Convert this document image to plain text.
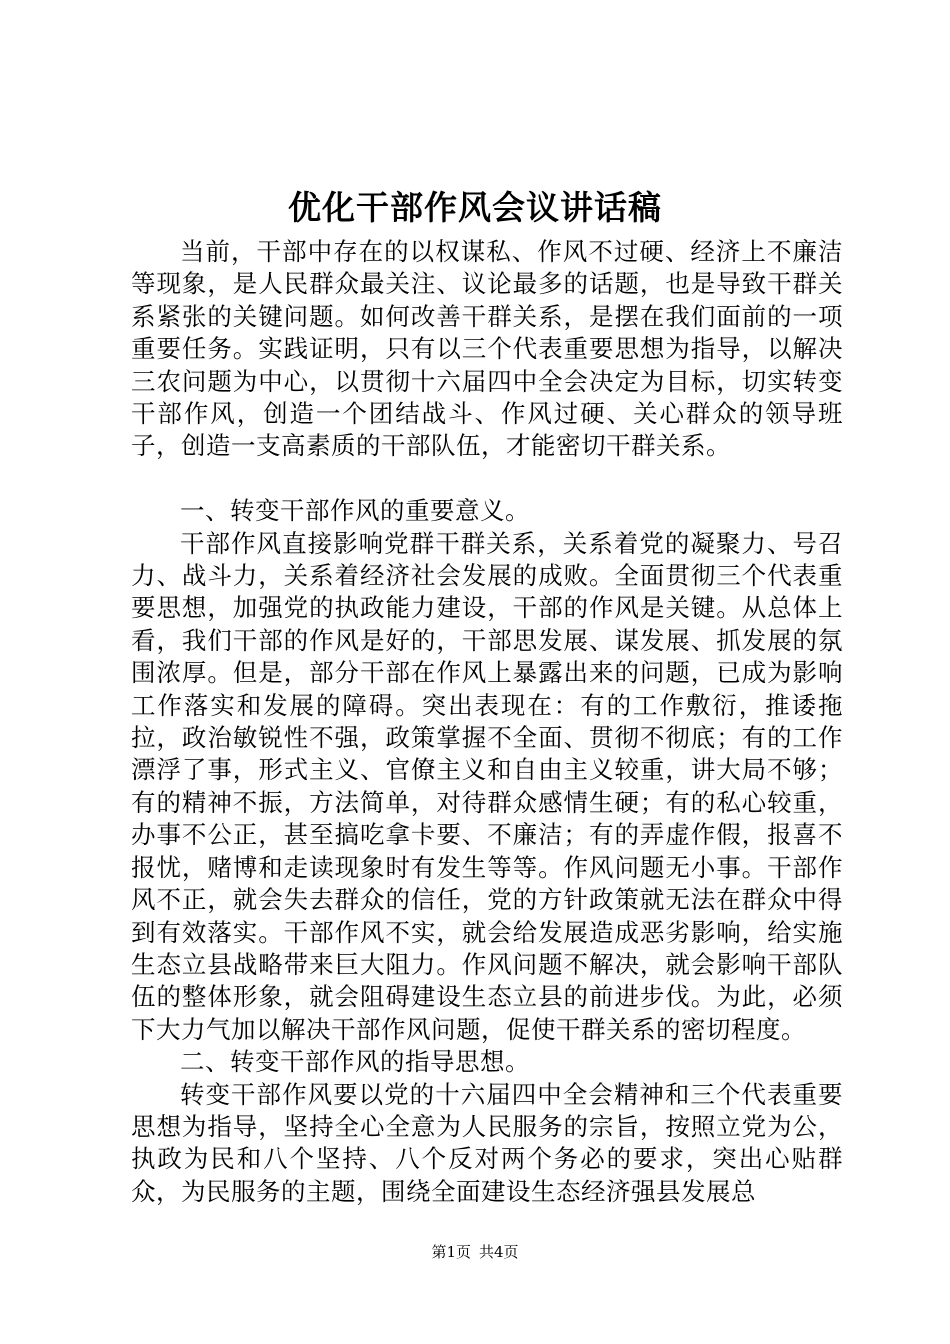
优化干部作风会议讲话稿

当前，干部中存在的以权谋私、作风不过硬、经济上不廉洁等现象，是人民群众最关注、议论最多的话题，也是导致干群关系紧张的关键问题。如何改善干群关系，是摆在我们面前的一项重要任务。实践证明，只有以三个代表重要思想为指导，以解决三农问题为中心，以贯彻十六届四中全会决定为目标，切实转变干部作风，创造一个团结战斗、作风过硬、关心群众的领导班子，创造一支高素质的干部队伍，才能密切干群关系。

一、转变干部作风的重要意义。

干部作风直接影响党群干群关系，关系着党的凝聚力、号召力、战斗力，关系着经济社会发展的成败。全面贯彻三个代表重要思想，加强党的执政能力建设，干部的作风是关键。从总体上看，我们干部的作风是好的，干部思发展、谋发展、抓发展的氛围浓厚。但是，部分干部在作风上暴露出来的问题，已成为影响工作落实和发展的障碍。突出表现在：有的工作敷衍，推诿拖拉，政治敏锐性不强，政策掌握不全面、贯彻不彻底；有的工作漂浮了事，形式主义、官僚主义和自由主义较重，讲大局不够；有的精神不振，方法简单，对待群众感情生硬；有的私心较重，办事不公正，甚至搞吃拿卡要、不廉洁；有的弄虚作假，报喜不报忧，赌博和走读现象时有发生等等。作风问题无小事。干部作风不正，就会失去群众的信任，党的方针政策就无法在群众中得到有效落实。干部作风不实，就会给发展造成恶劣影响，给实施生态立县战略带来巨大阻力。作风问题不解决，就会影响干部队伍的整体形象，就会阻碍建设生态立县的前进步伐。为此，必须下大力气加以解决干部作风问题，促使干群关系的密切程度。

二、转变干部作风的指导思想。

转变干部作风要以党的十六届四中全会精神和三个代表重要思想为指导，坚持全心全意为人民服务的宗旨，按照立党为公，执政为民和八个坚持、八个反对两个务必的要求，突出心贴群众，为民服务的主题，围绕全面建设生态经济强县发展总

第1页 共4页
